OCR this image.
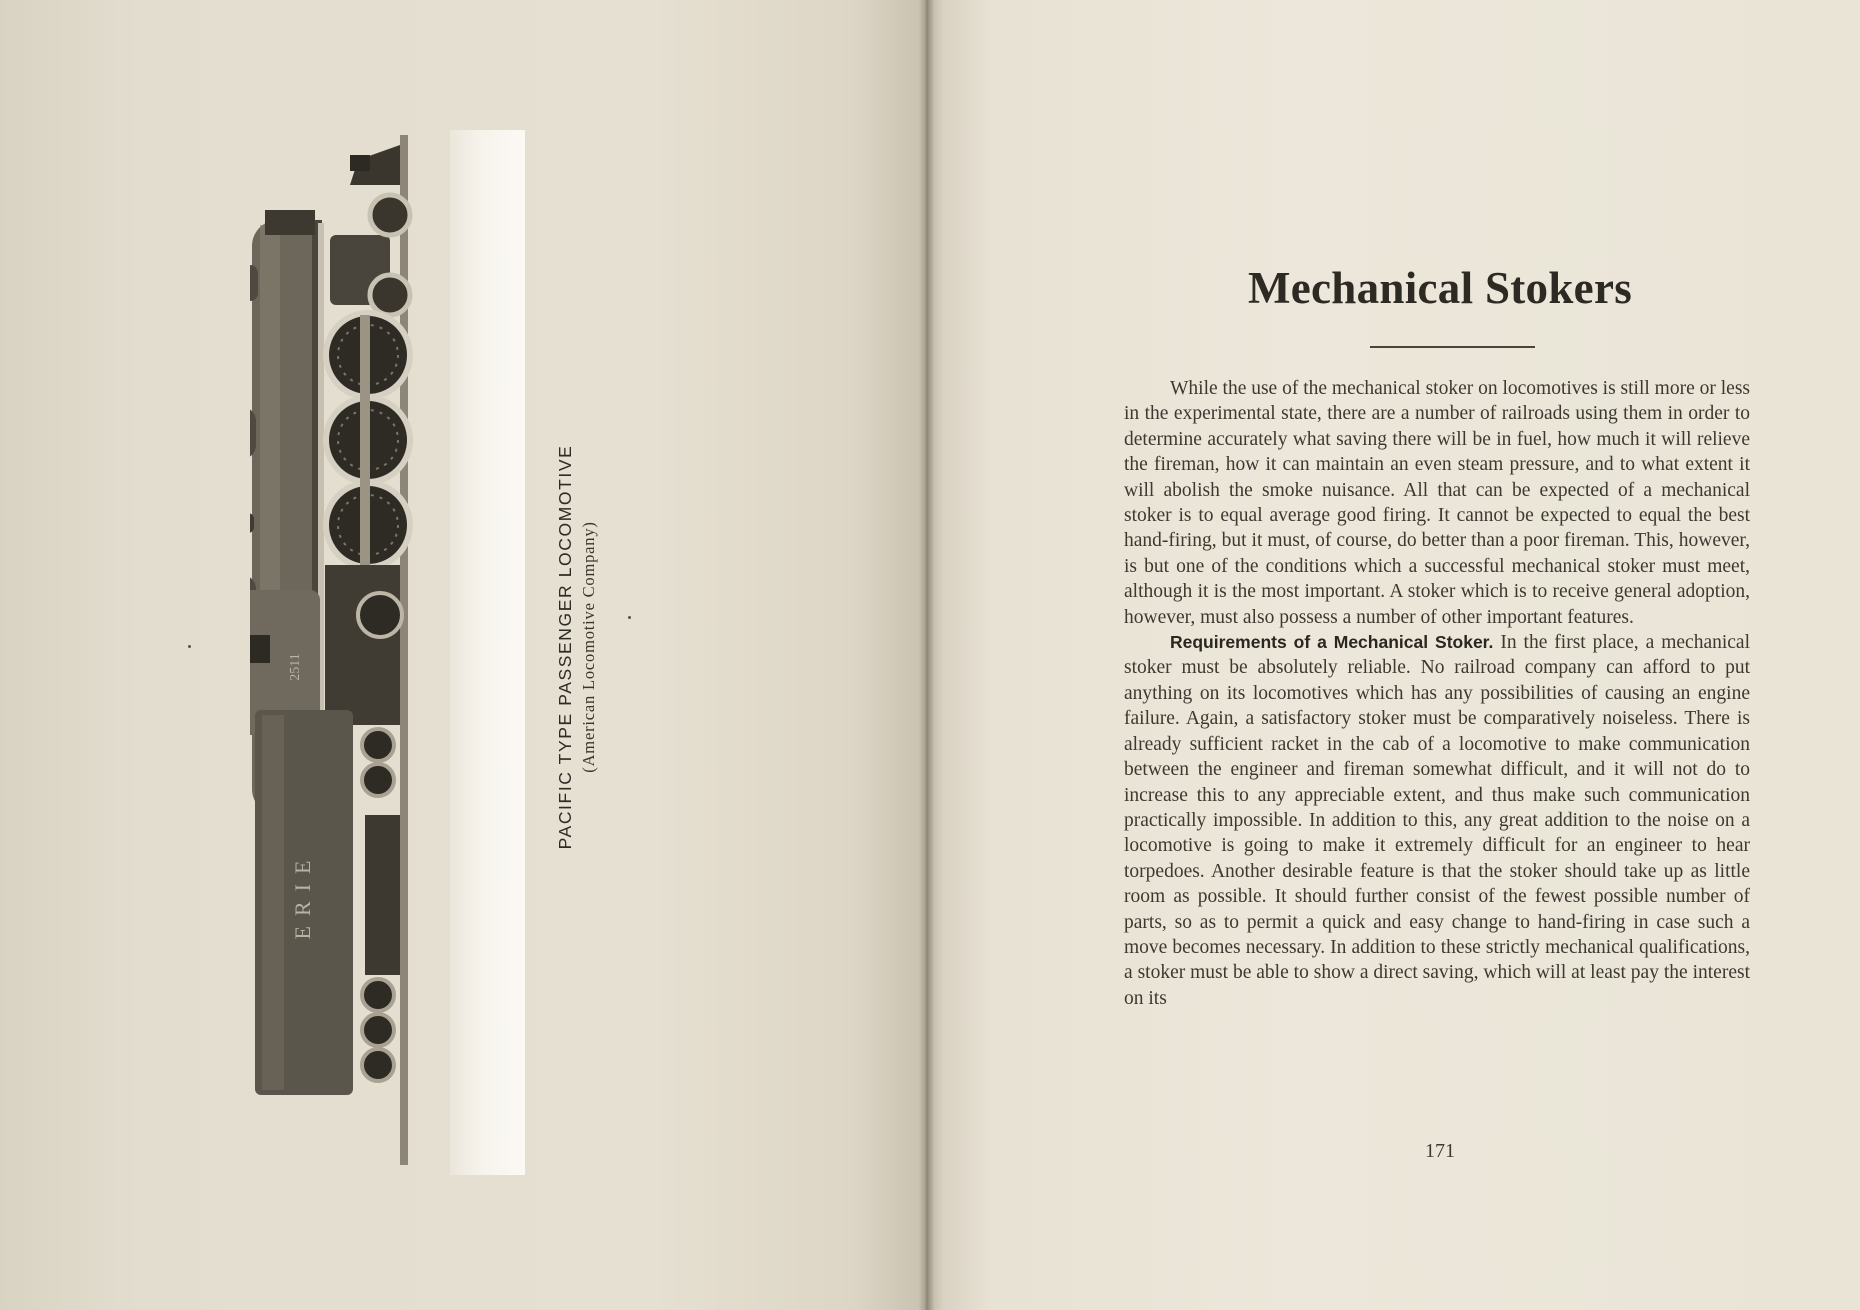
2511
ERIE
PACIFIC TYPE PASSENGER LOCOMOTIVE (American Locomotive Company)
Mechanical Stokers

While the use of the mechanical stoker on locomotives is still more or less in the experimental state, there are a number of railroads using them in order to determine accurately what saving there will be in fuel, how much it will relieve the fireman, how it can maintain an even steam pressure, and to what extent it will abolish the smoke nuisance. All that can be expected of a mechanical stoker is to equal average good firing. It cannot be expected to equal the best hand-firing, but it must, of course, do better than a poor fireman. This, however, is but one of the conditions which a successful mechanical stoker must meet, although it is the most important. A stoker which is to receive general adoption, however, must also possess a number of other important features.

Requirements of a Mechanical Stoker. In the first place, a mechanical stoker must be absolutely reliable. No railroad company can afford to put anything on its locomotives which has any possibilities of causing an engine failure. Again, a satisfactory stoker must be comparatively noiseless. There is already sufficient racket in the cab of a locomotive to make communication between the engineer and fireman somewhat difficult, and it will not do to increase this to any appreciable extent, and thus make such communication practically impossible. In addition to this, any great addition to the noise on a locomotive is going to make it extremely difficult for an engineer to hear torpedoes. Another desirable feature is that the stoker should take up as little room as possible. It should further consist of the fewest possible number of parts, so as to permit a quick and easy change to hand-firing in case such a move becomes necessary. In addition to these strictly mechanical qualifications, a stoker must be able to show a direct saving, which will at least pay the interest on its

171
